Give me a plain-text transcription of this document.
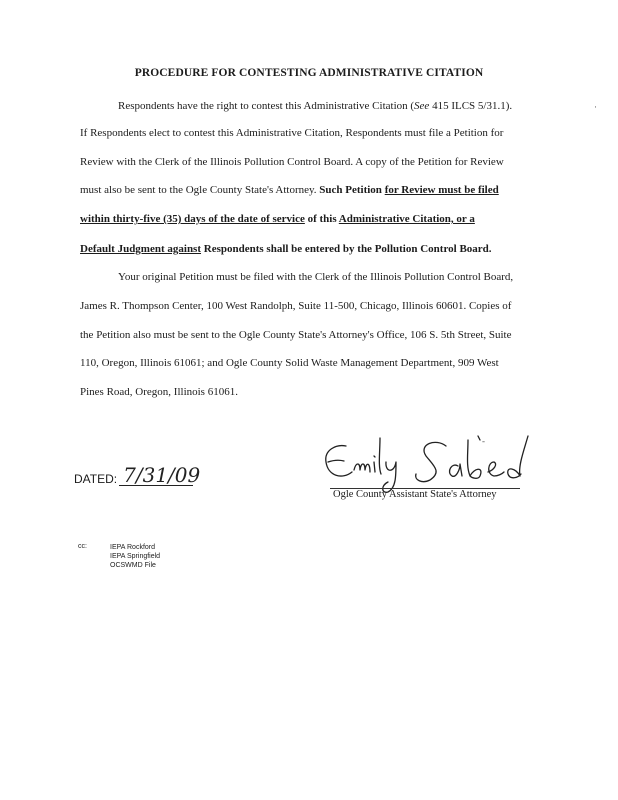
PROCEDURE FOR CONTESTING ADMINISTRATIVE CITATION
Respondents have the right to contest this Administrative Citation (See 415 ILCS 5/31.1).
If Respondents elect to contest this Administrative Citation, Respondents must file a Petition for
Review with the Clerk of the Illinois Pollution Control Board. A copy of the Petition for Review
must also be sent to the Ogle County State's Attorney. Such Petition for Review must be filed
within thirty-five (35) days of the date of service of this Administrative Citation, or a
Default Judgment against Respondents shall be entered by the Pollution Control Board.
Your original Petition must be filed with the Clerk of the Illinois Pollution Control Board,
James R. Thompson Center, 100 West Randolph, Suite 11-500, Chicago, Illinois 60601. Copies of
the Petition also must be sent to the Ogle County State's Attorney's Office, 106 S. 5th Street, Suite
110, Oregon, Illinois 61061; and Ogle County Solid Waste Management Department, 909 West
Pines Road, Oregon, Illinois 61061.
DATED: 7/31/09
Ogle County Assistant State's Attorney
cc:	IEPA Rockford
IEPA Springfield
OCSWMD File
·
-
